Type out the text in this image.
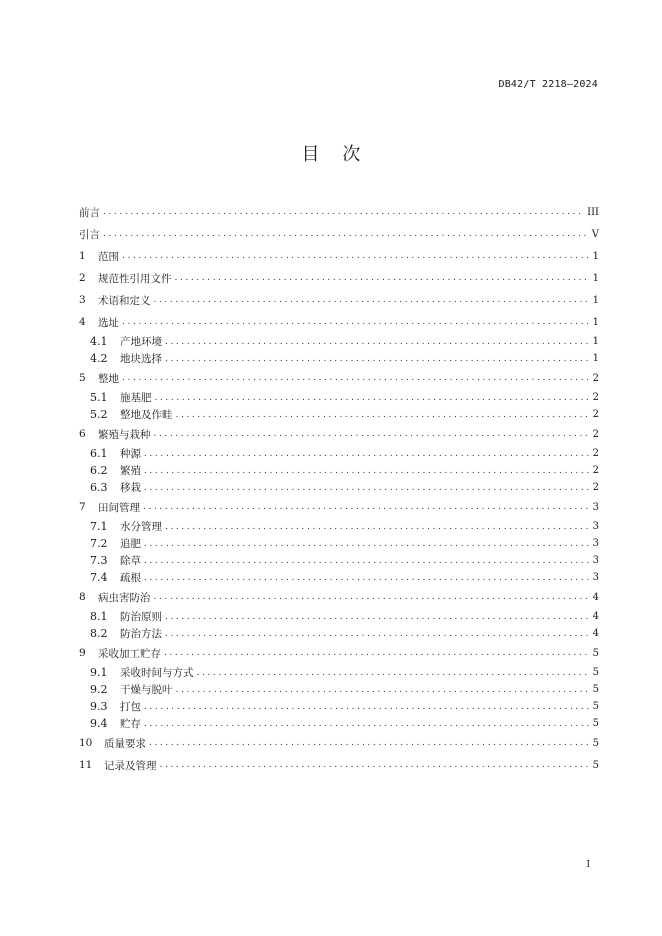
DB42/T 2218—2024
目    次
前言 .....	III
引言 .....	V
1	范围 .....	1
2	规范性引用文件 .....	1
3	术语和定义 .....	1
4	选址 .....	1
4.1	产地环境 .....	1
4.2	地块选择 .....	1
5	整地 .....	2
5.1	施基肥 .....	2
5.2	整地及作畦 .....	2
6	繁殖与栽种 .....	2
6.1	种源 .....	2
6.2	繁殖 .....	2
6.3	移栽 .....	2
7	田间管理 .....	3
7.1	水分管理 .....	3
7.2	追肥 .....	3
7.3	除草 .....	3
7.4	疏根 .....	3
8	病虫害防治 .....	4
8.1	防治原则 .....	4
8.2	防治方法 .....	4
9	采收加工贮存 .....	5
9.1	采收时间与方式 .....	5
9.2	干燥与脱叶 .....	5
9.3	打包 .....	5
9.4	贮存 .....	5
10 质量要求 .....	5
11 记录及管理 .....	5
I
